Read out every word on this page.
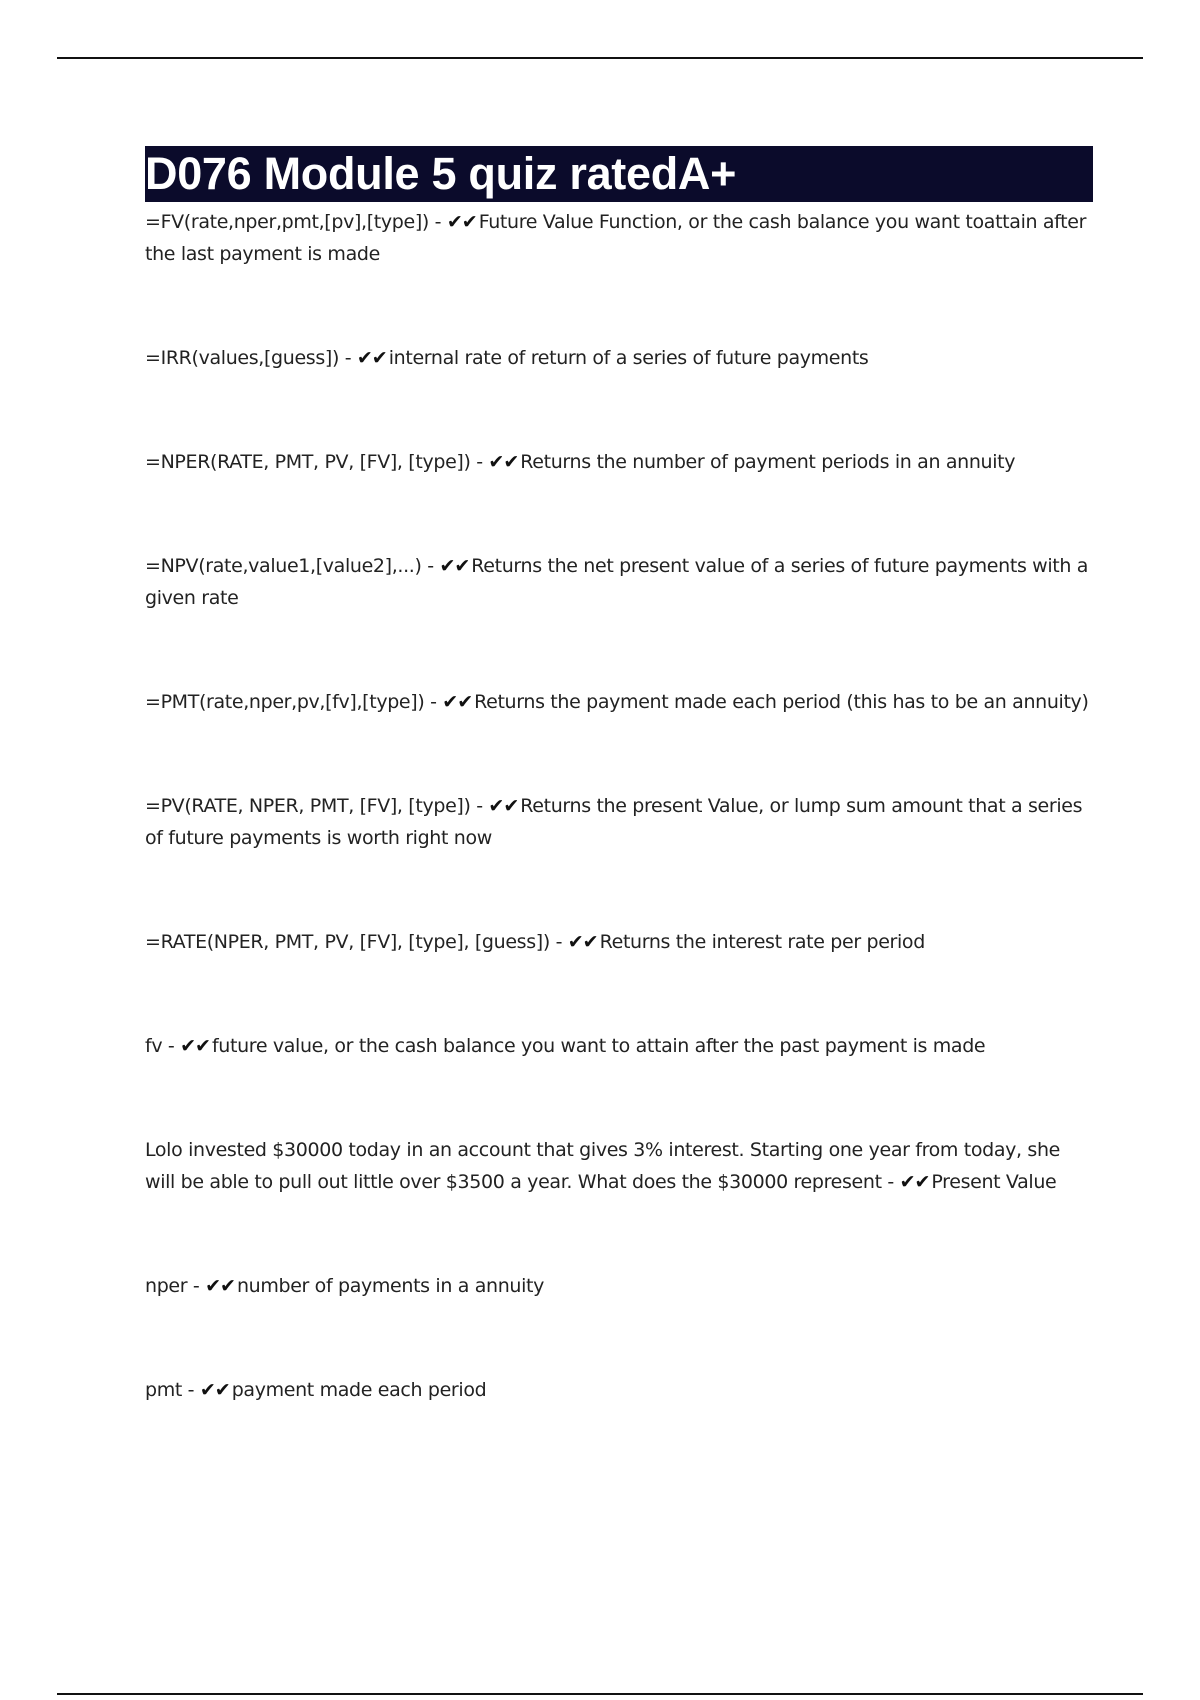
D076 Module 5 quiz ratedA+

=FV(rate,nper,pmt,[pv],[type]) - ✔✔ Future Value Function, or the cash balance you want toattain after the last payment is made

=IRR(values,[guess]) - ✔✔ internal rate of return of a series of future payments

=NPER(RATE, PMT, PV, [FV], [type]) - ✔✔ Returns the number of payment periods in an annuity

=NPV(rate,value1,[value2],...) - ✔✔ Returns the net present value of a series of future payments with a given rate

=PMT(rate,nper,pv,[fv],[type]) - ✔✔ Returns the payment made each period (this has to be an annuity)

=PV(RATE, NPER, PMT, [FV], [type]) - ✔✔ Returns the present Value, or lump sum amount that a series of future payments is worth right now

=RATE(NPER, PMT, PV, [FV], [type], [guess]) - ✔✔ Returns the interest rate per period

fv - ✔✔ future value, or the cash balance you want to attain after the past payment is made

Lolo invested $30000 today in an account that gives 3% interest. Starting one year from today, she will be able to pull out little over $3500 a year. What does the $30000 represent - ✔✔ Present Value

nper - ✔✔ number of payments in a annuity

pmt - ✔✔ payment made each period
